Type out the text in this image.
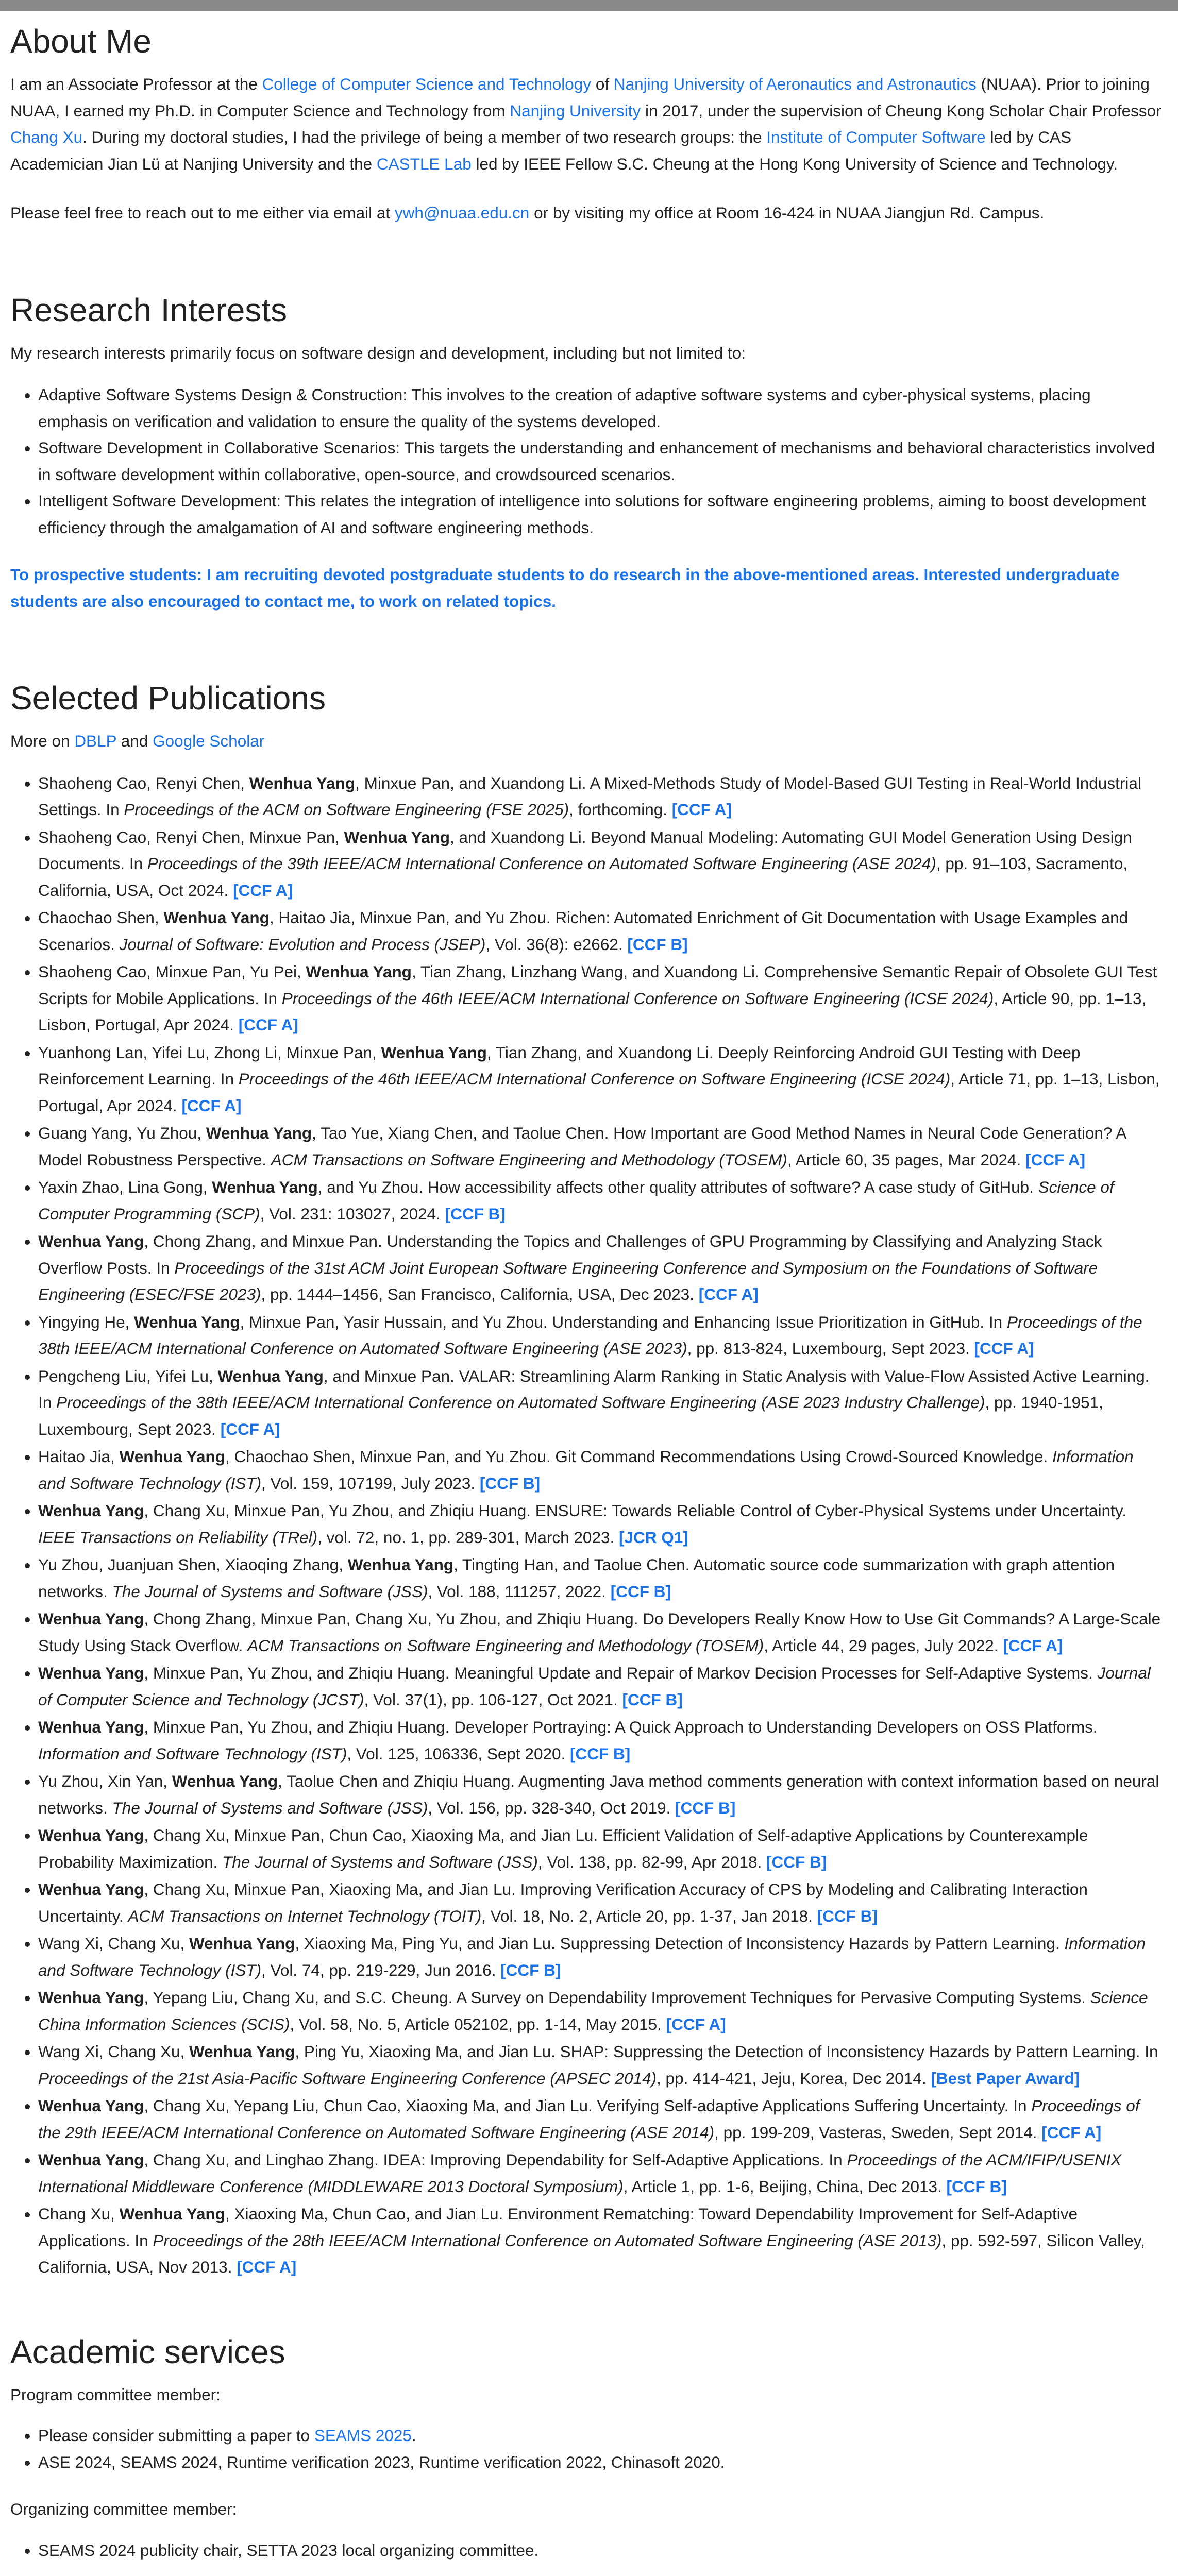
About Me

I am an Associate Professor at the College of Computer Science and Technology of Nanjing University of Aeronautics and Astronautics (NUAA). Prior to joining NUAA, I earned my Ph.D. in Computer Science and Technology from Nanjing University in 2017, under the supervision of Cheung Kong Scholar Chair Professor Chang Xu. During my doctoral studies, I had the privilege of being a member of two research groups: the Institute of Computer Software led by CAS Academician Jian Lü at Nanjing University and the CASTLE Lab led by IEEE Fellow S.C. Cheung at the Hong Kong University of Science and Technology.

Please feel free to reach out to me either via email at ywh@nuaa.edu.cn or by visiting my office at Room 16-424 in NUAA Jiangjun Rd. Campus.

Research Interests

My research interests primarily focus on software design and development, including but not limited to:

• Adaptive Software Systems Design & Construction: This involves to the creation of adaptive software systems and cyber-physical systems, placing emphasis on verification and validation to ensure the quality of the systems developed.
• Software Development in Collaborative Scenarios: This targets the understanding and enhancement of mechanisms and behavioral characteristics involved in software development within collaborative, open-source, and crowdsourced scenarios.
• Intelligent Software Development: This relates the integration of intelligence into solutions for software engineering problems, aiming to boost development efficiency through the amalgamation of AI and software engineering methods.

To prospective students: I am recruiting devoted postgraduate students to do research in the above-mentioned areas. Interested undergraduate students are also encouraged to contact me, to work on related topics.

Selected Publications

More on DBLP and Google Scholar

• Shaoheng Cao, Renyi Chen, Wenhua Yang, Minxue Pan, and Xuandong Li. A Mixed-Methods Study of Model-Based GUI Testing in Real-World Industrial Settings. In Proceedings of the ACM on Software Engineering (FSE 2025), forthcoming. [CCF A]
• Shaoheng Cao, Renyi Chen, Minxue Pan, Wenhua Yang, and Xuandong Li. Beyond Manual Modeling: Automating GUI Model Generation Using Design Documents. In Proceedings of the 39th IEEE/ACM International Conference on Automated Software Engineering (ASE 2024), pp. 91–103, Sacramento, California, USA, Oct 2024. [CCF A]
• Chaochao Shen, Wenhua Yang, Haitao Jia, Minxue Pan, and Yu Zhou. Richen: Automated Enrichment of Git Documentation with Usage Examples and Scenarios. Journal of Software: Evolution and Process (JSEP), Vol. 36(8): e2662. [CCF B]
• Shaoheng Cao, Minxue Pan, Yu Pei, Wenhua Yang, Tian Zhang, Linzhang Wang, and Xuandong Li. Comprehensive Semantic Repair of Obsolete GUI Test Scripts for Mobile Applications. In Proceedings of the 46th IEEE/ACM International Conference on Software Engineering (ICSE 2024), Article 90, pp. 1–13, Lisbon, Portugal, Apr 2024. [CCF A]
• Yuanhong Lan, Yifei Lu, Zhong Li, Minxue Pan, Wenhua Yang, Tian Zhang, and Xuandong Li. Deeply Reinforcing Android GUI Testing with Deep Reinforcement Learning. In Proceedings of the 46th IEEE/ACM International Conference on Software Engineering (ICSE 2024), Article 71, pp. 1–13, Lisbon, Portugal, Apr 2024. [CCF A]
• Guang Yang, Yu Zhou, Wenhua Yang, Tao Yue, Xiang Chen, and Taolue Chen. How Important are Good Method Names in Neural Code Generation? A Model Robustness Perspective. ACM Transactions on Software Engineering and Methodology (TOSEM), Article 60, 35 pages, Mar 2024. [CCF A]
• Yaxin Zhao, Lina Gong, Wenhua Yang, and Yu Zhou. How accessibility affects other quality attributes of software? A case study of GitHub. Science of Computer Programming (SCP), Vol. 231: 103027, 2024. [CCF B]
• Wenhua Yang, Chong Zhang, and Minxue Pan. Understanding the Topics and Challenges of GPU Programming by Classifying and Analyzing Stack Overflow Posts. In Proceedings of the 31st ACM Joint European Software Engineering Conference and Symposium on the Foundations of Software Engineering (ESEC/FSE 2023), pp. 1444–1456, San Francisco, California, USA, Dec 2023. [CCF A]
• Yingying He, Wenhua Yang, Minxue Pan, Yasir Hussain, and Yu Zhou. Understanding and Enhancing Issue Prioritization in GitHub. In Proceedings of the 38th IEEE/ACM International Conference on Automated Software Engineering (ASE 2023), pp. 813-824, Luxembourg, Sept 2023. [CCF A]
• Pengcheng Liu, Yifei Lu, Wenhua Yang, and Minxue Pan. VALAR: Streamlining Alarm Ranking in Static Analysis with Value-Flow Assisted Active Learning. In Proceedings of the 38th IEEE/ACM International Conference on Automated Software Engineering (ASE 2023 Industry Challenge), pp. 1940-1951, Luxembourg, Sept 2023. [CCF A]
• Haitao Jia, Wenhua Yang, Chaochao Shen, Minxue Pan, and Yu Zhou. Git Command Recommendations Using Crowd-Sourced Knowledge. Information and Software Technology (IST), Vol. 159, 107199, July 2023. [CCF B]
• Wenhua Yang, Chang Xu, Minxue Pan, Yu Zhou, and Zhiqiu Huang. ENSURE: Towards Reliable Control of Cyber-Physical Systems under Uncertainty. IEEE Transactions on Reliability (TRel), vol. 72, no. 1, pp. 289-301, March 2023. [JCR Q1]
• Yu Zhou, Juanjuan Shen, Xiaoqing Zhang, Wenhua Yang, Tingting Han, and Taolue Chen. Automatic source code summarization with graph attention networks. The Journal of Systems and Software (JSS), Vol. 188, 111257, 2022. [CCF B]
• Wenhua Yang, Chong Zhang, Minxue Pan, Chang Xu, Yu Zhou, and Zhiqiu Huang. Do Developers Really Know How to Use Git Commands? A Large-Scale Study Using Stack Overflow. ACM Transactions on Software Engineering and Methodology (TOSEM), Article 44, 29 pages, July 2022. [CCF A]
• Wenhua Yang, Minxue Pan, Yu Zhou, and Zhiqiu Huang. Meaningful Update and Repair of Markov Decision Processes for Self-Adaptive Systems. Journal of Computer Science and Technology (JCST), Vol. 37(1), pp. 106-127, Oct 2021. [CCF B]
• Wenhua Yang, Minxue Pan, Yu Zhou, and Zhiqiu Huang. Developer Portraying: A Quick Approach to Understanding Developers on OSS Platforms. Information and Software Technology (IST), Vol. 125, 106336, Sept 2020. [CCF B]
• Yu Zhou, Xin Yan, Wenhua Yang, Taolue Chen and Zhiqiu Huang. Augmenting Java method comments generation with context information based on neural networks. The Journal of Systems and Software (JSS), Vol. 156, pp. 328-340, Oct 2019. [CCF B]
• Wenhua Yang, Chang Xu, Minxue Pan, Chun Cao, Xiaoxing Ma, and Jian Lu. Efficient Validation of Self-adaptive Applications by Counterexample Probability Maximization. The Journal of Systems and Software (JSS), Vol. 138, pp. 82-99, Apr 2018. [CCF B]
• Wenhua Yang, Chang Xu, Minxue Pan, Xiaoxing Ma, and Jian Lu. Improving Verification Accuracy of CPS by Modeling and Calibrating Interaction Uncertainty. ACM Transactions on Internet Technology (TOIT), Vol. 18, No. 2, Article 20, pp. 1-37, Jan 2018. [CCF B]
• Wang Xi, Chang Xu, Wenhua Yang, Xiaoxing Ma, Ping Yu, and Jian Lu. Suppressing Detection of Inconsistency Hazards by Pattern Learning. Information and Software Technology (IST), Vol. 74, pp. 219-229, Jun 2016. [CCF B]
• Wenhua Yang, Yepang Liu, Chang Xu, and S.C. Cheung. A Survey on Dependability Improvement Techniques for Pervasive Computing Systems. Science China Information Sciences (SCIS), Vol. 58, No. 5, Article 052102, pp. 1-14, May 2015. [CCF A]
• Wang Xi, Chang Xu, Wenhua Yang, Ping Yu, Xiaoxing Ma, and Jian Lu. SHAP: Suppressing the Detection of Inconsistency Hazards by Pattern Learning. In Proceedings of the 21st Asia-Pacific Software Engineering Conference (APSEC 2014), pp. 414-421, Jeju, Korea, Dec 2014. [Best Paper Award]
• Wenhua Yang, Chang Xu, Yepang Liu, Chun Cao, Xiaoxing Ma, and Jian Lu. Verifying Self-adaptive Applications Suffering Uncertainty. In Proceedings of the 29th IEEE/ACM International Conference on Automated Software Engineering (ASE 2014), pp. 199-209, Vasteras, Sweden, Sept 2014. [CCF A]
• Wenhua Yang, Chang Xu, and Linghao Zhang. IDEA: Improving Dependability for Self-Adaptive Applications. In Proceedings of the ACM/IFIP/USENIX International Middleware Conference (MIDDLEWARE 2013 Doctoral Symposium), Article 1, pp. 1-6, Beijing, China, Dec 2013. [CCF B]
• Chang Xu, Wenhua Yang, Xiaoxing Ma, Chun Cao, and Jian Lu. Environment Rematching: Toward Dependability Improvement for Self-Adaptive Applications. In Proceedings of the 28th IEEE/ACM International Conference on Automated Software Engineering (ASE 2013), pp. 592-597, Silicon Valley, California, USA, Nov 2013. [CCF A]
Academic services

Program committee member:

• Please consider submitting a paper to SEAMS 2025.
• ASE 2024, SEAMS 2024, Runtime verification 2023, Runtime verification 2022, Chinasoft 2020.

Organizing committee member:

• SEAMS 2024 publicity chair, SETTA 2023 local organizing committee.
